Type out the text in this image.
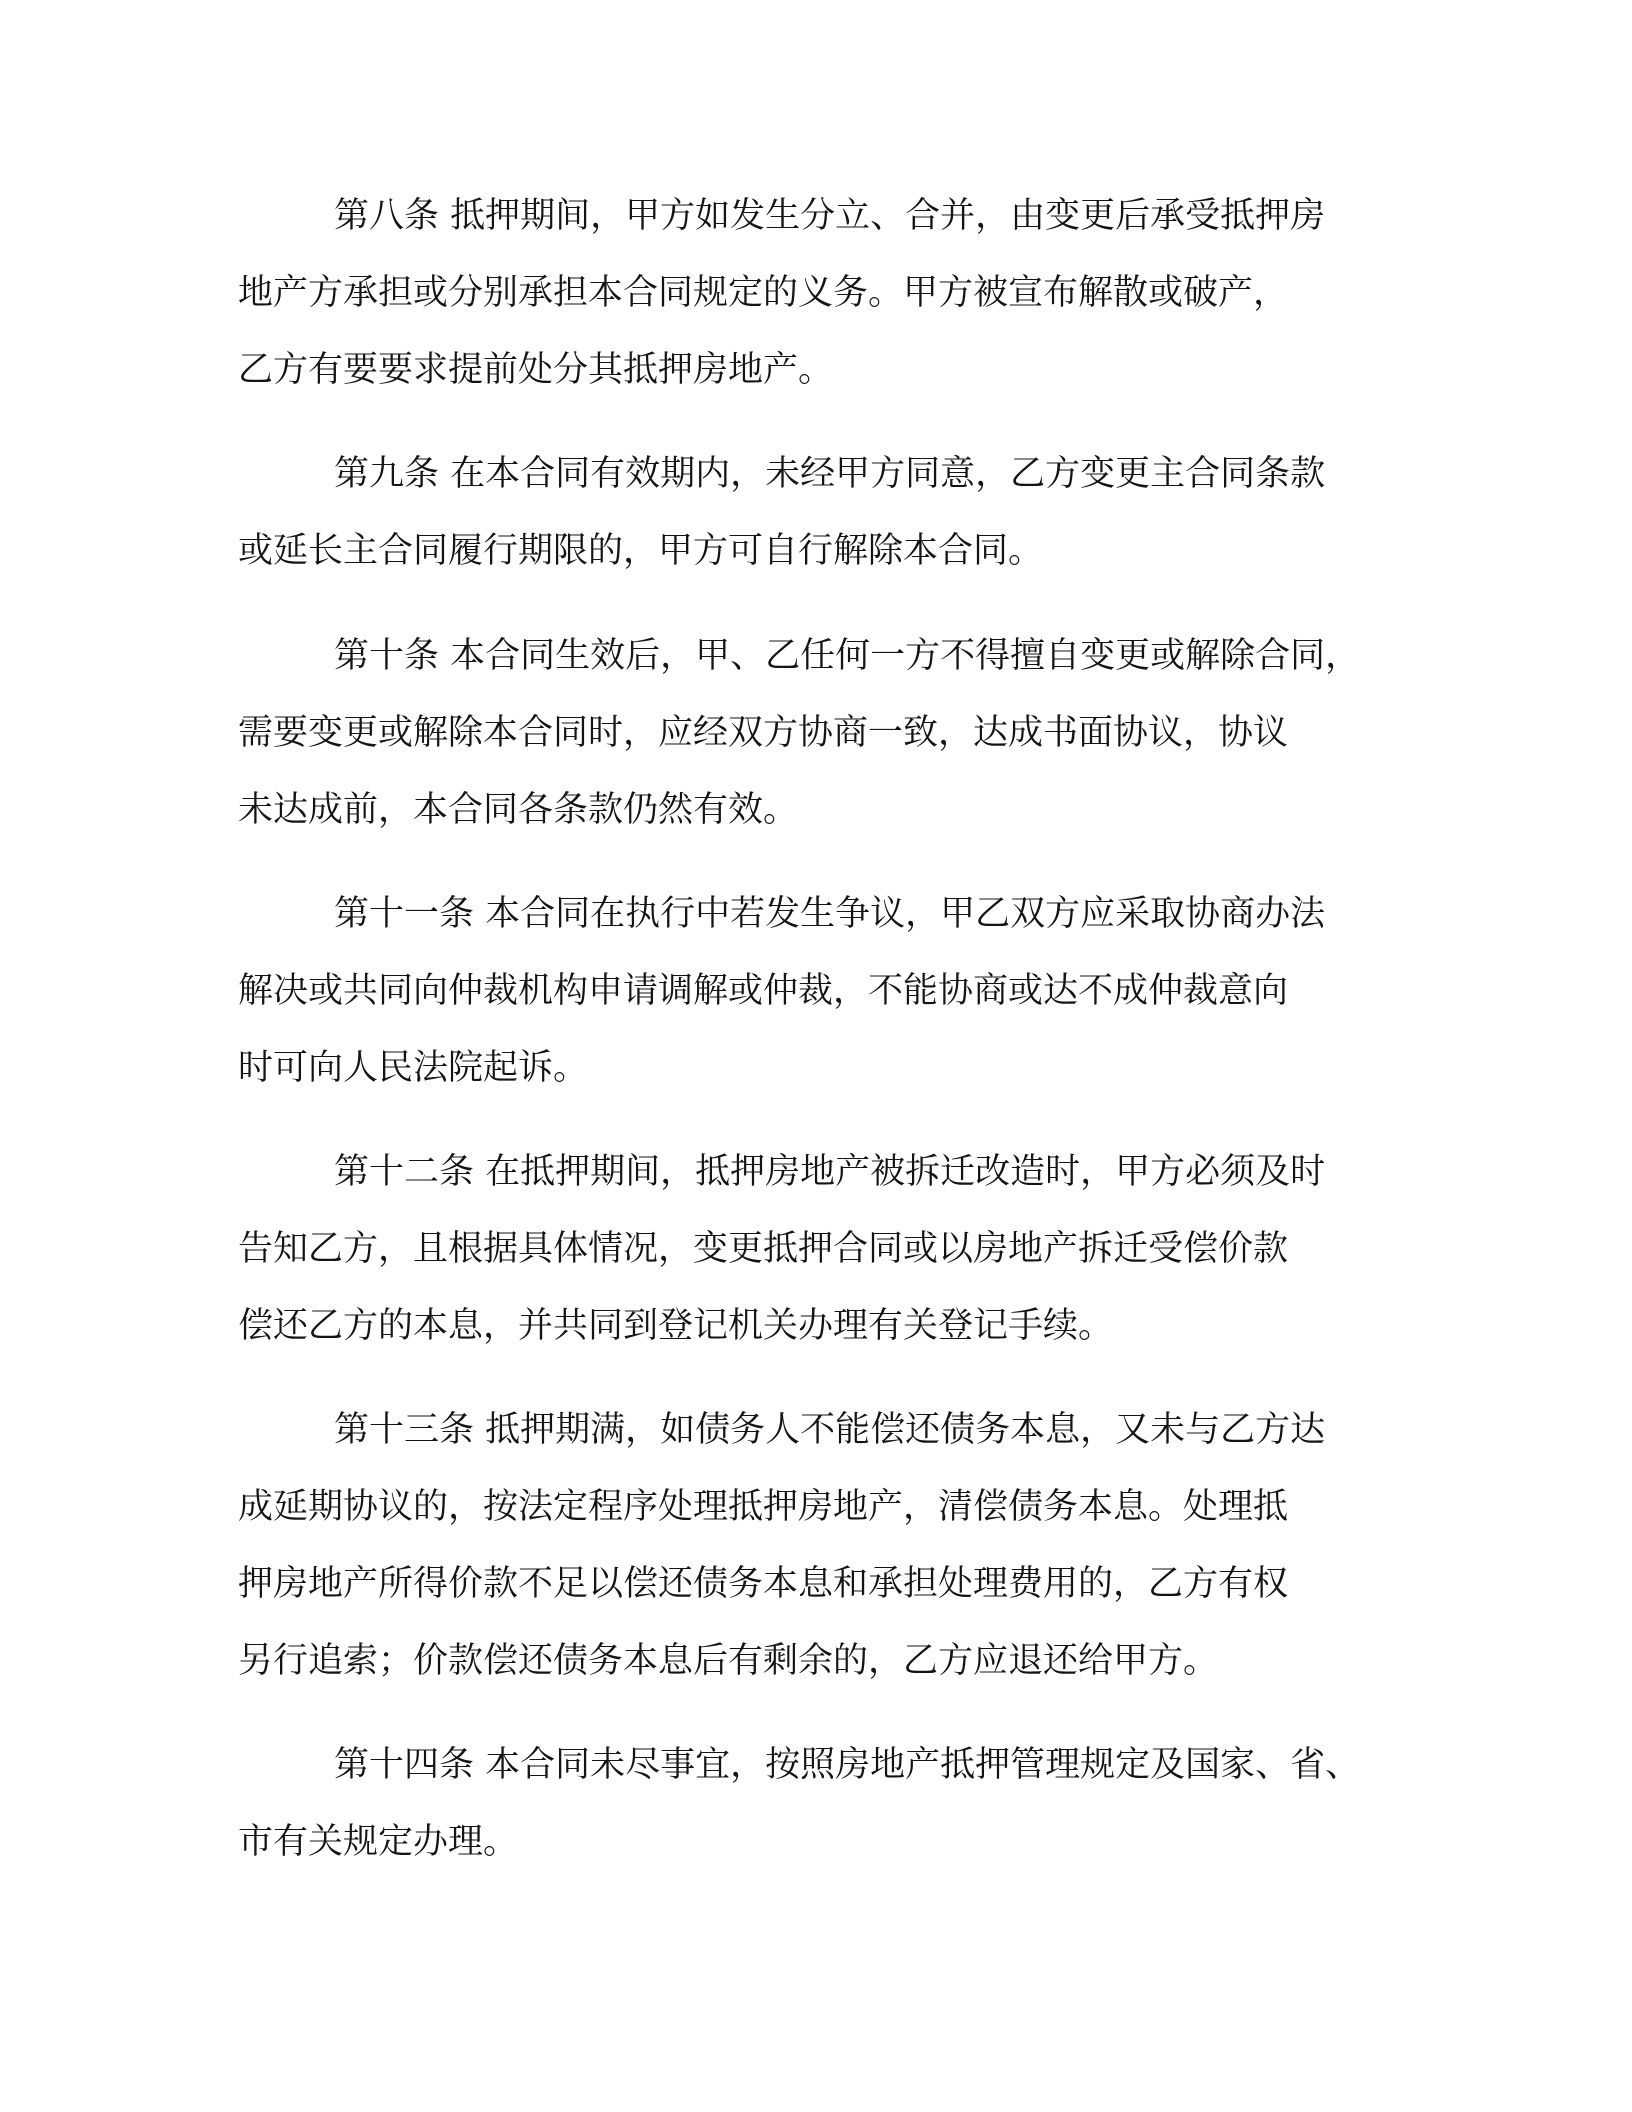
第八条 抵押期间，甲方如发生分立、合并，由变更后承受抵押房
地产方承担或分别承担本合同规定的义务。甲方被宣布解散或破产，
乙方有要要求提前处分其抵押房地产。
第九条 在本合同有效期内，未经甲方同意，乙方变更主合同条款
或延长主合同履行期限的，甲方可自行解除本合同。
第十条 本合同生效后，甲、乙任何一方不得擅自变更或解除合同，
需要变更或解除本合同时，应经双方协商一致，达成书面协议，协议
未达成前，本合同各条款仍然有效。
第十一条 本合同在执行中若发生争议，甲乙双方应采取协商办法
解决或共同向仲裁机构申请调解或仲裁，不能协商或达不成仲裁意向
时可向人民法院起诉。
第十二条 在抵押期间，抵押房地产被拆迁改造时，甲方必须及时
告知乙方，且根据具体情况，变更抵押合同或以房地产拆迁受偿价款
偿还乙方的本息，并共同到登记机关办理有关登记手续。
第十三条 抵押期满，如债务人不能偿还债务本息，又未与乙方达
成延期协议的，按法定程序处理抵押房地产，清偿债务本息。处理抵
押房地产所得价款不足以偿还债务本息和承担处理费用的，乙方有权
另行追索；价款偿还债务本息后有剩余的，乙方应退还给甲方。
第十四条 本合同未尽事宜，按照房地产抵押管理规定及国家、省、
市有关规定办理。
